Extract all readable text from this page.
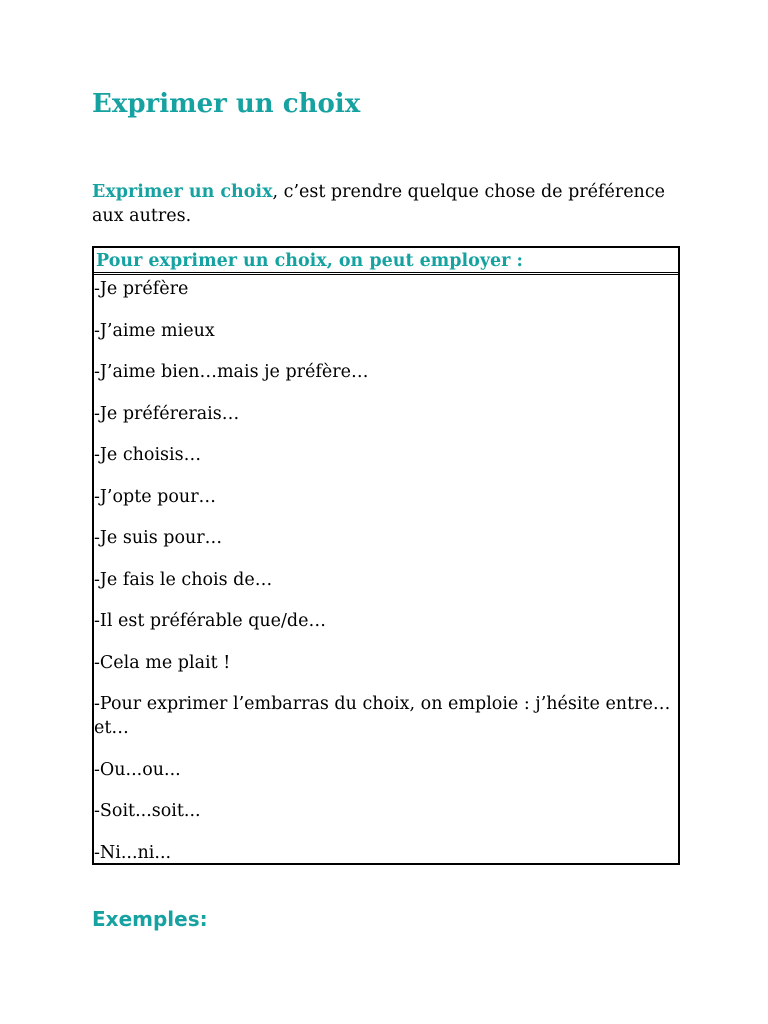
Exprimer un choix

Exprimer un choix, c’est prendre quelque chose de préférence aux autres.

Pour exprimer un choix, on peut employer :
-Je préfère
-J’aime mieux
-J’aime bien…mais je préfère…
-Je préférerais…
-Je choisis…
-J’opte pour…
-Je suis pour…
-Je fais le chois de…
-Il est préférable que/de…
-Cela me plait !
-Pour exprimer l’embarras du choix, on emploie : j’hésite entre…et…
-Ou...ou...
-Soit...soit...
-Ni...ni...
Exemples:
